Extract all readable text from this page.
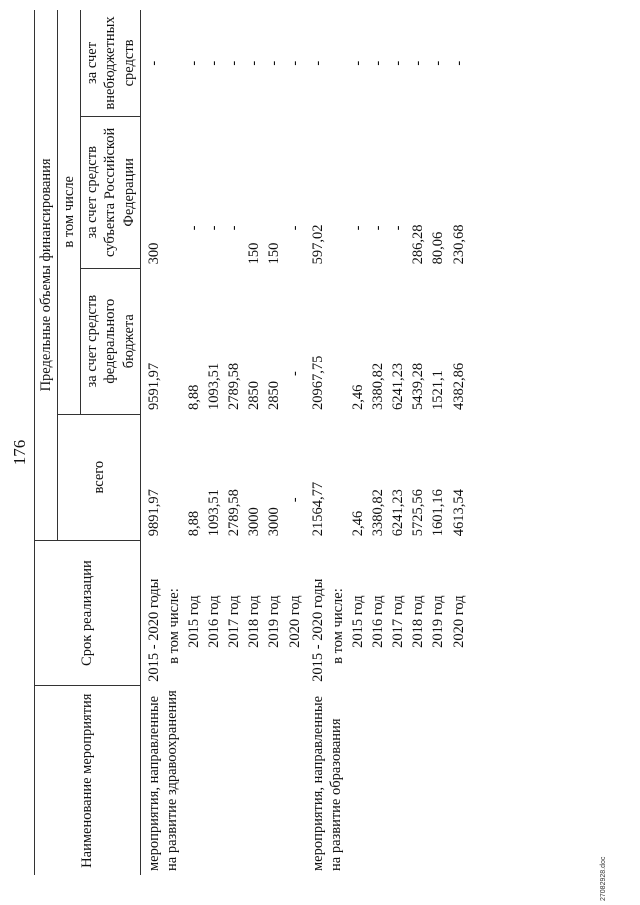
176
Наименование мероприятия	Срок реализации	Предельные объемы финансирования			
		всего	в том числе		
			за счет средств федерального бюджета	за счет средств субъекта Российской Федерации	за счет внебюджетных средств
мероприятия, направленные на развитие здравоохранения	2015 - 2020 годы	9891,97	9591,97	300	-
	в том числе:				
	2015 год	8,88	8,88	-	-
	2016 год	1093,51	1093,51	-	-
	2017 год	2789,58	2789,58	-	-
	2018 год	3000	2850	150	-
	2019 год	3000	2850	150	-
	2020 год	-	-	-	-
мероприятия, направленные на развитие образования	2015 - 2020 годы	21564,77	20967,75	597,02	-
	в том числе:				
	2015 год	2,46	2,46	-	-
	2016 год	3380,82	3380,82	-	-
	2017 год	6241,23	6241,23	-	-
	2018 год	5725,56	5439,28	286,28	-
	2019 год	1601,16	1521,1	80,06	-
	2020 год	4613,54	4382,86	230,68	-
27082928.doc
